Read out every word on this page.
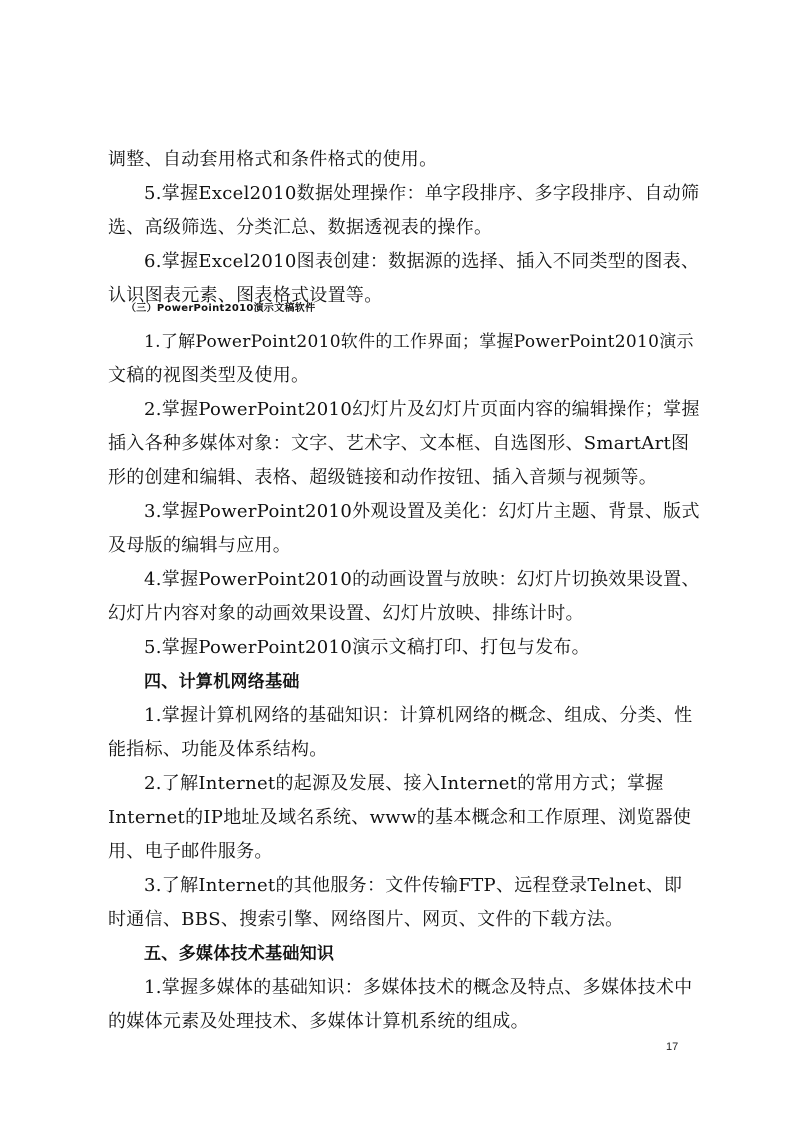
调整、自动套用格式和条件格式的使用。
5.掌握Excel2010数据处理操作：单字段排序、多字段排序、自动筛
选、高级筛选、分类汇总、数据透视表的操作。
6.掌握Excel2010图表创建：数据源的选择、插入不同类型的图表、
认识图表元素、图表格式设置等。
（三）PowerPoint2010演示文稿软件
1.了解PowerPoint2010软件的工作界面；掌握PowerPoint2010演示
文稿的视图类型及使用。
2.掌握PowerPoint2010幻灯片及幻灯片页面内容的编辑操作；掌握
插入各种多媒体对象：文字、艺术字、文本框、自选图形、SmartArt图
形的创建和编辑、表格、超级链接和动作按钮、插入音频与视频等。
3.掌握PowerPoint2010外观设置及美化：幻灯片主题、背景、版式
及母版的编辑与应用。
4.掌握PowerPoint2010的动画设置与放映：幻灯片切换效果设置、
幻灯片内容对象的动画效果设置、幻灯片放映、排练计时。
5.掌握PowerPoint2010演示文稿打印、打包与发布。
四、计算机网络基础
1.掌握计算机网络的基础知识：计算机网络的概念、组成、分类、性
能指标、功能及体系结构。
2.了解Internet的起源及发展、接入Internet的常用方式；掌握
Internet的IP地址及域名系统、www的基本概念和工作原理、浏览器使
用、电子邮件服务。
3.了解Internet的其他服务：文件传输FTP、远程登录Telnet、即
时通信、BBS、搜索引擎、网络图片、网页、文件的下载方法。
五、多媒体技术基础知识
1.掌握多媒体的基础知识：多媒体技术的概念及特点、多媒体技术中
的媒体元素及处理技术、多媒体计算机系统的组成。
17
